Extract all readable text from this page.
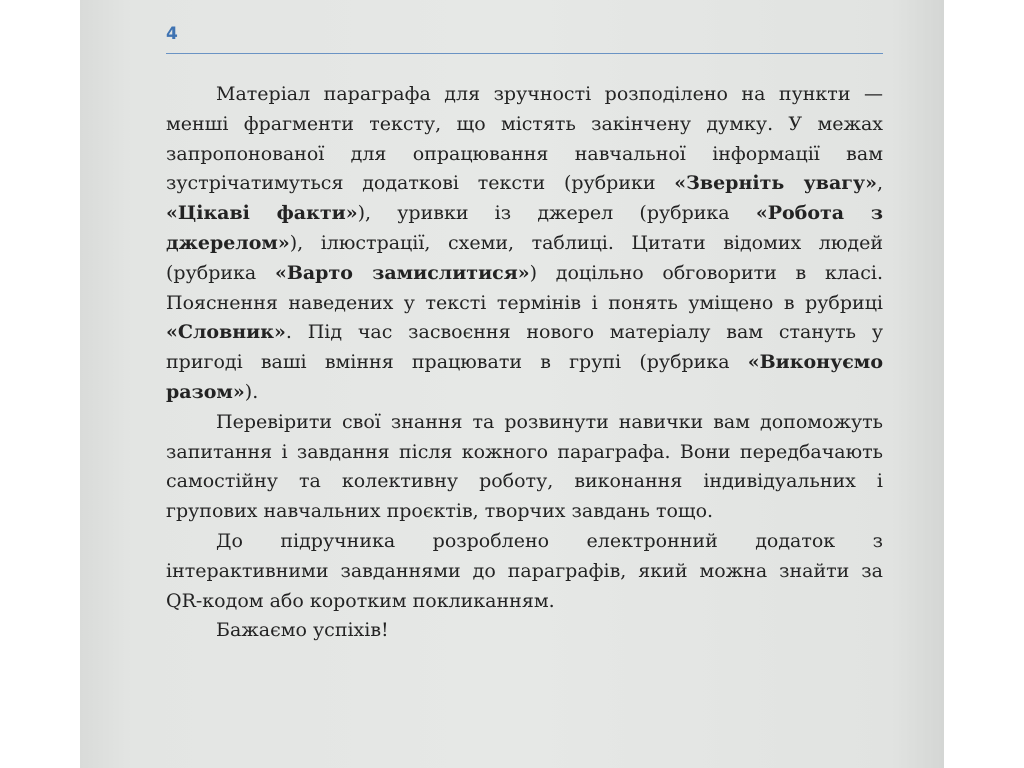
4

Матеріал параграфа для зручності розподілено на пункти — менші фрагменти тексту, що містять закінчену думку. У межах запропонованої для опрацювання навчальної інформації вам зустрічатимуться додаткові тексти (рубрики «Зверніть увагу», «Цікаві факти»), уривки із джерел (рубрика «Робота з джерелом»), ілюстрації, схеми, таблиці. Цитати відомих людей (рубрика «Варто замислитися») доцільно обговорити в класі. Пояснення наведених у тексті термінів і понять уміщено в рубриці «Словник». Під час засвоєння нового матеріалу вам стануть у пригоді ваші вміння працювати в групі (рубрика «Виконуємо разом»).

Перевірити свої знання та розвинути навички вам допоможуть запитання і завдання після кожного параграфа. Вони передбачають самостійну та колективну роботу, виконання індивідуальних і групових навчальних проєктів, творчих завдань тощо.

До підручника розроблено електронний додаток з інтерактивними завданнями до параграфів, який можна знайти за QR-кодом або коротким покликанням.

Бажаємо успіхів!
